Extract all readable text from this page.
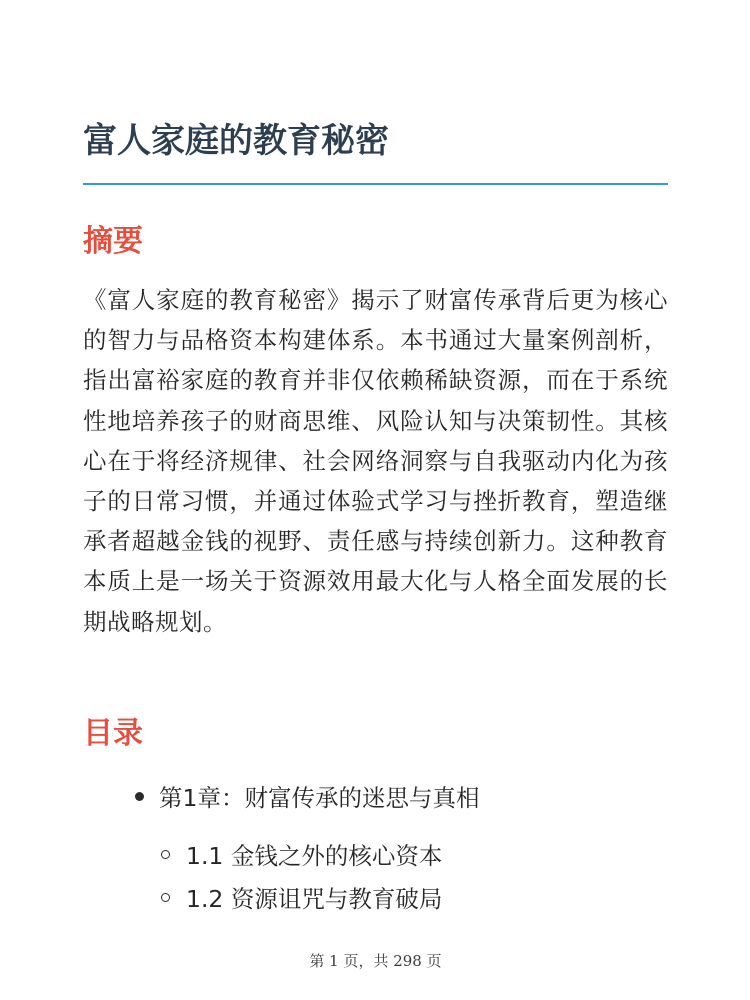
富人家庭的教育秘密
摘要

《富人家庭的教育秘密》揭示了财富传承背后更为核心的智力与品格资本构建体系。本书通过大量案例剖析，指出富裕家庭的教育并非仅依赖稀缺资源，而在于系统性地培养孩子的财商思维、风险认知与决策韧性。其核心在于将经济规律、社会网络洞察与自我驱动内化为孩子的日常习惯，并通过体验式学习与挫折教育，塑造继承者超越金钱的视野、责任感与持续创新力。这种教育本质上是一场关于资源效用最大化与人格全面发展的长期战略规划。

目录
第1章：财富传承的迷思与真相
1.1 金钱之外的核心资本
1.2 资源诅咒与教育破局
第 1 页，共 298 页
